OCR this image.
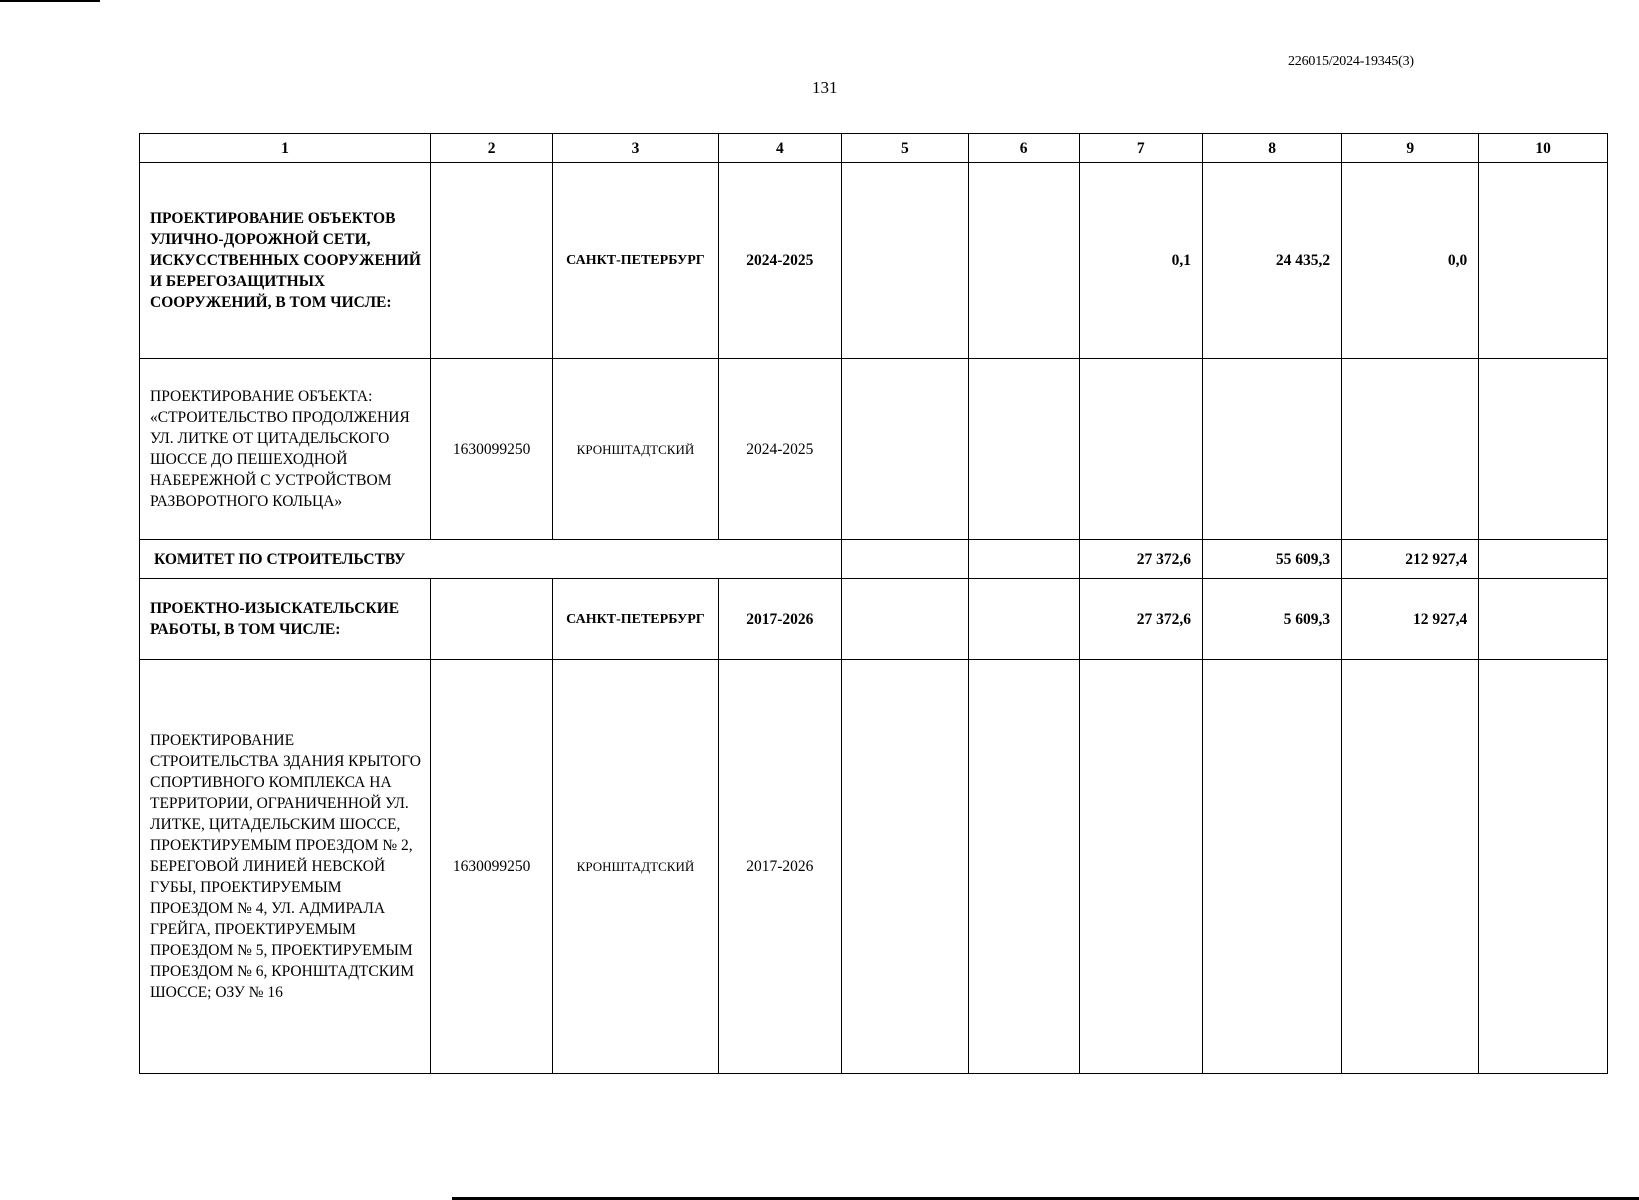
226015/2024-19345(3)
131
1	2	3	4	5	6	7	8	9	10
ПРОЕКТИРОВАНИЕ ОБЪЕКТОВ УЛИЧНО-ДОРОЖНОЙ СЕТИ, ИСКУССТВЕННЫХ СООРУЖЕНИЙ И БЕРЕГОЗАЩИТНЫХ СООРУЖЕНИЙ, В ТОМ ЧИСЛЕ:		САНКТ-ПЕТЕРБУРГ	2024-2025			0,1	24 435,2	0,0	
ПРОЕКТИРОВАНИЕ ОБЪЕКТА: «СТРОИТЕЛЬСТВО ПРОДОЛЖЕНИЯ УЛ. ЛИТКЕ ОТ ЦИТАДЕЛЬСКОГО ШОССЕ ДО ПЕШЕХОДНОЙ НАБЕРЕЖНОЙ С УСТРОЙСТВОМ РАЗВОРОТНОГО КОЛЬЦА»	1630099250	КРОНШТАДТСКИЙ	2024-2025						
КОМИТЕТ ПО СТРОИТЕЛЬСТВУ						27 372,6	55 609,3	212 927,4	
ПРОЕКТНО-ИЗЫСКАТЕЛЬСКИЕ РАБОТЫ, В ТОМ ЧИСЛЕ:		САНКТ-ПЕТЕРБУРГ	2017-2026			27 372,6	5 609,3	12 927,4	
ПРОЕКТИРОВАНИЕ СТРОИТЕЛЬСТВА ЗДАНИЯ КРЫТОГО СПОРТИВНОГО КОМПЛЕКСА НА ТЕРРИТОРИИ, ОГРАНИЧЕННОЙ УЛ. ЛИТКЕ, ЦИТАДЕЛЬСКИМ ШОССЕ, ПРОЕКТИРУЕМЫМ ПРОЕЗДОМ № 2, БЕРЕГОВОЙ ЛИНИЕЙ НЕВСКОЙ ГУБЫ, ПРОЕКТИРУЕМЫМ ПРОЕЗДОМ № 4, УЛ. АДМИРАЛА ГРЕЙГА, ПРОЕКТИРУЕМЫМ ПРОЕЗДОМ № 5, ПРОЕКТИРУЕМЫМ ПРОЕЗДОМ № 6, КРОНШТАДТСКИМ ШОССЕ; ОЗУ № 16	1630099250	КРОНШТАДТСКИЙ	2017-2026						
